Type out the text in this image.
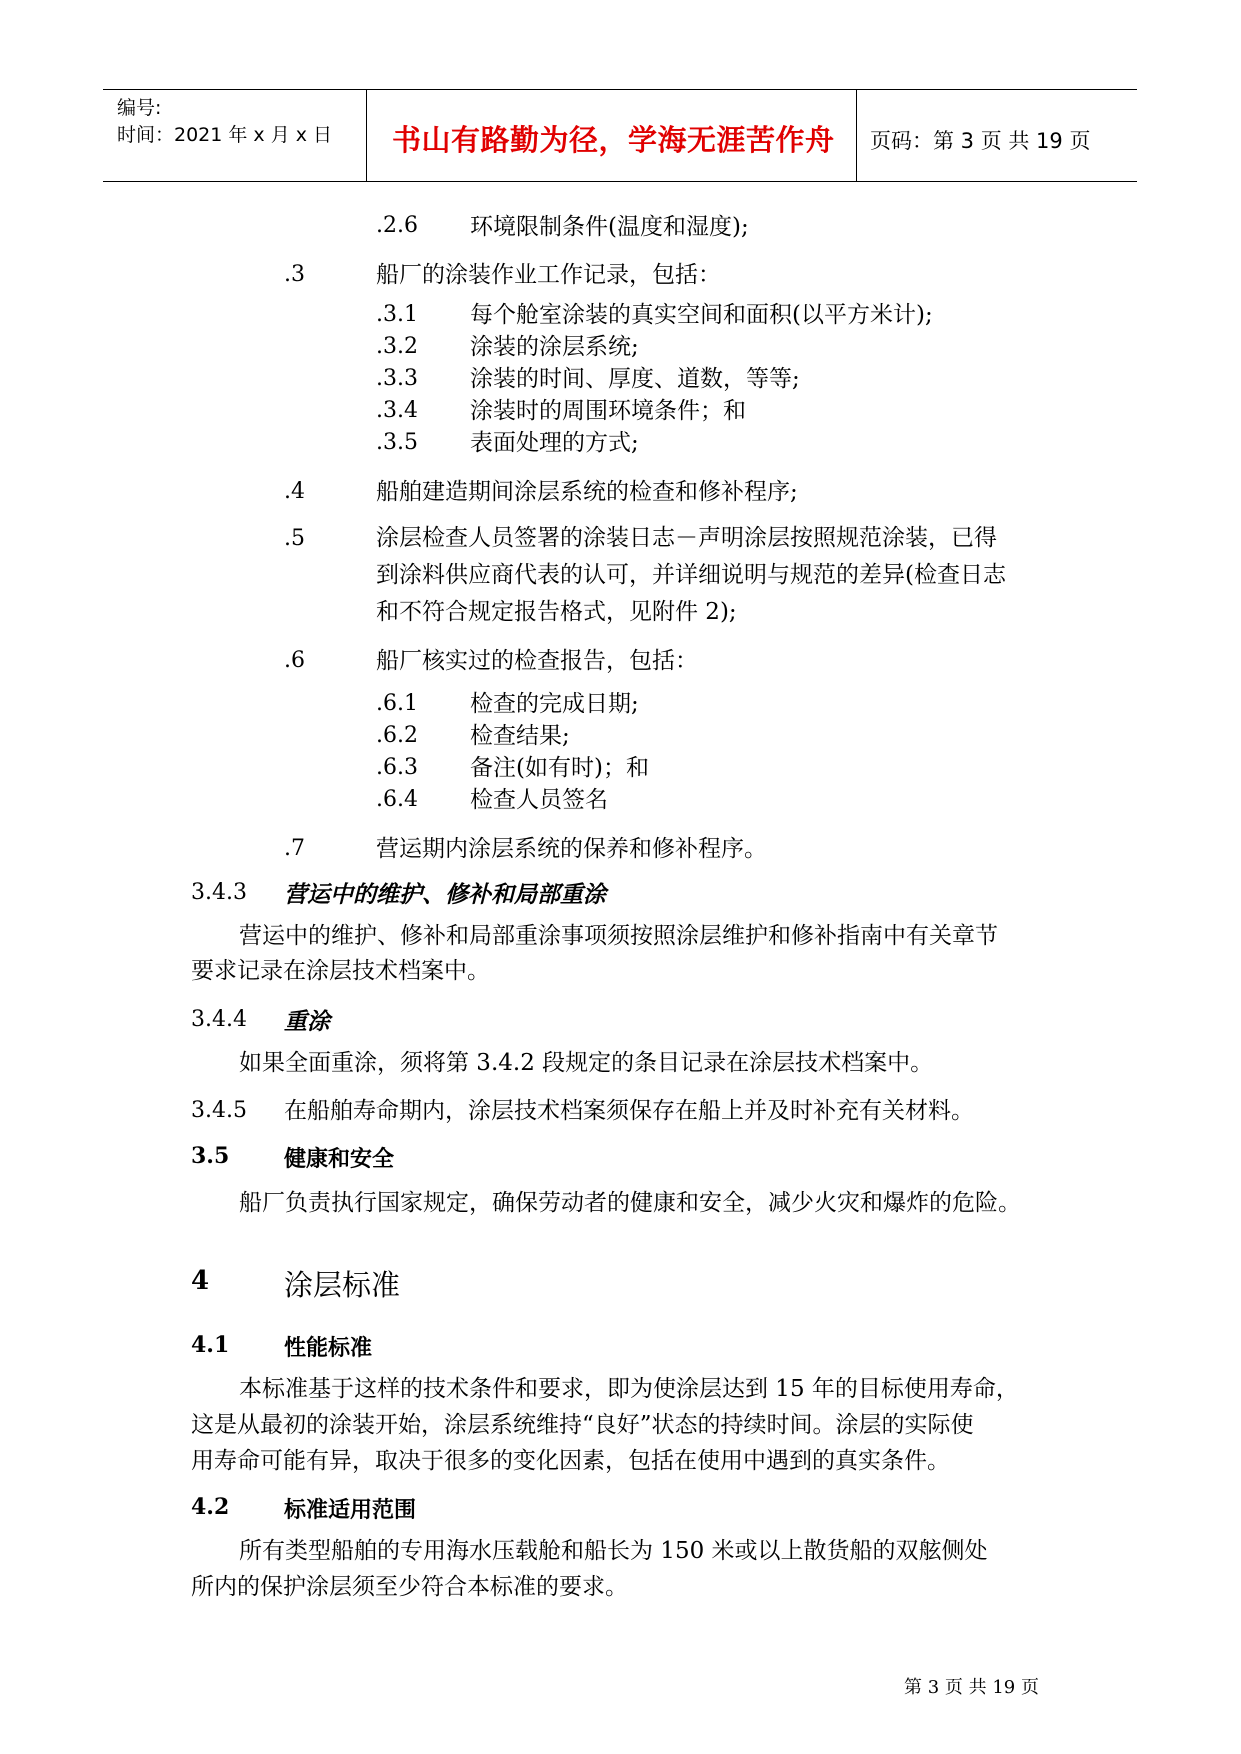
编号:
时间：2021 年 x 月 x 日 书山有路勤为径，学海无涯苦作舟 页码：第 3 页 共 19 页
.2.6 环境限制条件(温度和湿度);
.3	船厂的涂装作业工作记录，包括：
.3.1 每个舱室涂装的真实空间和面积(以平方米计);
.3.2 涂装的涂层系统;
.3.3 涂装的时间、厚度、道数，等等;
.3.4 涂装时的周围环境条件；和
.3.5 表面处理的方式;
.4	船舶建造期间涂层系统的检查和修补程序;
.5	涂层检查人员签署的涂装日志－声明涂层按照规范涂装，已得
到涂料供应商代表的认可，并详细说明与规范的差异(检查日志
和不符合规定报告格式，见附件 2);
.6	船厂核实过的检查报告，包括：
.6.1 检查的完成日期;
.6.2 检查结果;
.6.3 备注(如有时)；和
.6.4 检查人员签名
.7	营运期内涂层系统的保养和修补程序。
3.4.3 营运中的维护、修补和局部重涂
营运中的维护、修补和局部重涂事项须按照涂层维护和修补指南中有关章节
要求记录在涂层技术档案中。
3.4.4 重涂
如果全面重涂，须将第 3.4.2 段规定的条目记录在涂层技术档案中。
3.4.5 在船舶寿命期内，涂层技术档案须保存在船上并及时补充有关材料。
3.5 健康和安全
船厂负责执行国家规定，确保劳动者的健康和安全，减少火灾和爆炸的危险。
4	涂层标准
4.1 性能标准
本标准基于这样的技术条件和要求，即为使涂层达到 15 年的目标使用寿命，
这是从最初的涂装开始，涂层系统维持“良好”状态的持续时间。涂层的实际使
用寿命可能有异，取决于很多的变化因素，包括在使用中遇到的真实条件。
4.2 标准适用范围
所有类型船舶的专用海水压载舱和船长为 150 米或以上散货船的双舷侧处
所内的保护涂层须至少符合本标准的要求。
第 3 页 共 19 页
